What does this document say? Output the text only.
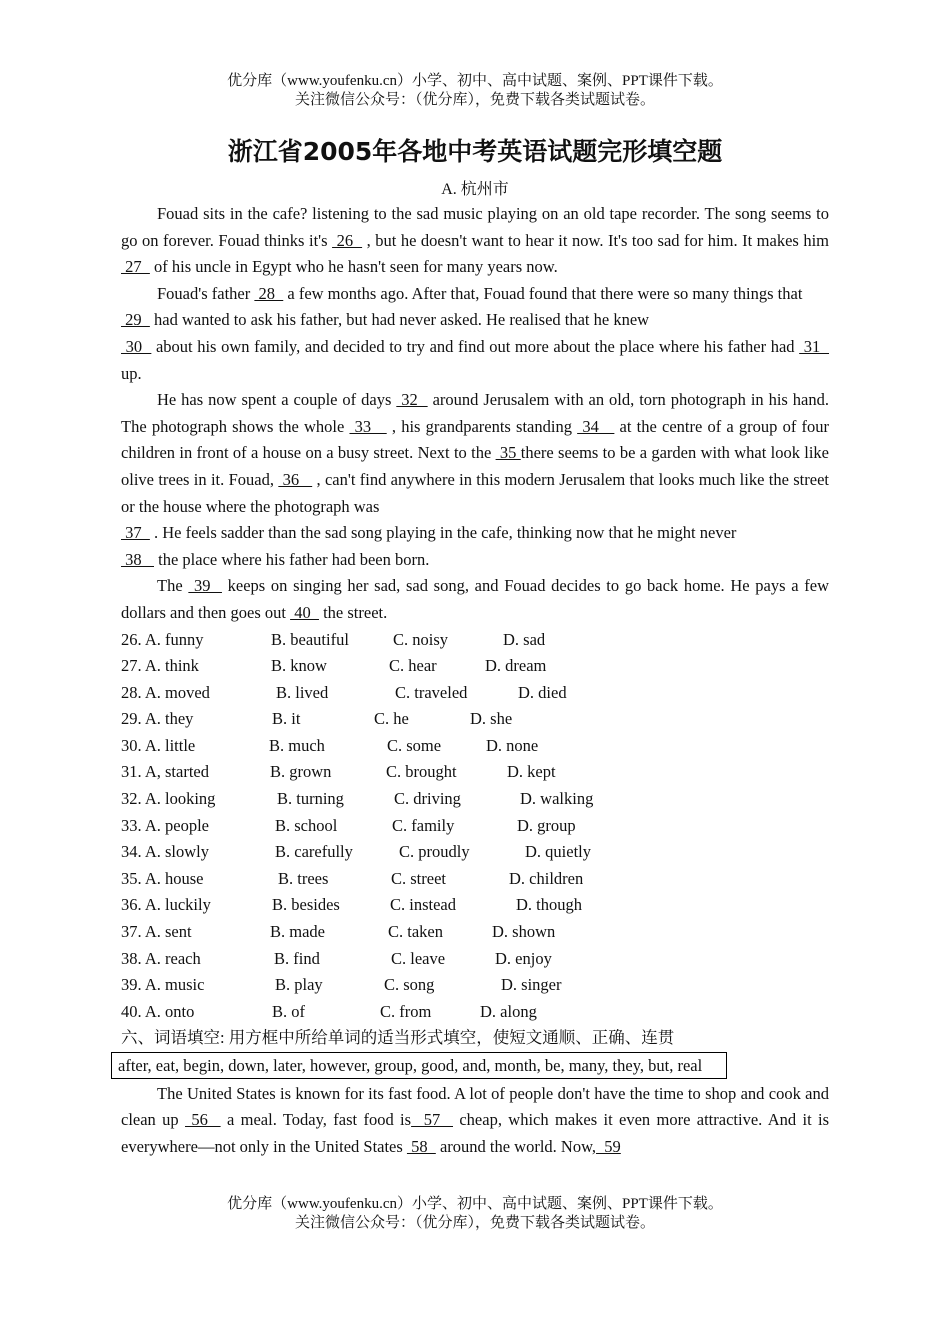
优分库（www.youfenku.cn）小学、初中、高中试题、案例、PPT课件下载。
关注微信公众号：（优分库），免费下载各类试题试卷。
浙江省2005年各地中考英语试题完形填空题
A. 杭州市

Fouad sits in the cafe? listening to the sad music playing on an old tape recorder. The song seems to go on forever. Fouad thinks it's  26   , but he doesn't want to hear it now. It's too sad for him. It makes him  27   of his uncle in Egypt who he hasn't seen for many years now.

Fouad's father  28   a few months ago. After that, Fouad found that there were so many things that  29   had wanted to ask his father, but had never asked. He realised that he knew

30   about his own family, and decided to try and find out more about the place where his father had  31   up.

He has now spent a couple of days  32   around Jerusalem with an old, torn photograph in his hand. The photograph shows the whole  33    , his grandparents standing  34    at the centre of a group of four children in front of a house on a busy street. Next to the  35 there seems to be a garden with what look like olive trees in it. Fouad,  36    , can't find anywhere in this modern Jerusalem that looks much like the street or the house where the photograph was

37   . He feels sadder than the sad song playing in the cafe, thinking now that he might never

38    the place where his father had been born.

The  39   keeps on singing her sad, sad song, and Fouad decides to go back home. He pays a few dollars and then goes out  40   the street.

26. A. funny	B. beautiful	C. noisy	D. sad
27. A. think	B. know	C. hear	D. dream
28. A. moved	B. lived	C. traveled	D. died
29. A. they	B. it	C. he	D. she
30. A. little	B. much	C. some	D. none
31. A, started	B. grown	C. brought	D. kept
32. A. looking	B. turning	C. driving	D. walking
33. A. people	B. school	C. family	D. group
34. A. slowly	B. carefully	C. proudly	D. quietly
35. A. house	B. trees	C. street	D. children
36. A. luckily	B. besides	C. instead	D. though
37. A. sent	B. made	C. taken	D. shown
38. A. reach	B. find	C. leave	D. enjoy
39. A. music	B. play	C. song	D. singer
40. A. onto	B. of	C. from	D. along

六、词语填空: 用方框中所给单词的适当形式填空，使短文通顺、正确、连贯

after, eat, begin, down, later, however, group, good, and, month, be, many, they, but, real

The United States is known for its fast food. A lot of people don't have the time to shop and cook and clean up  56   a meal. Today, fast food is  57   cheap, which makes it even more attractive. And it is everywhere—not only in the United States  58   around the world. Now,  59

优分库（www.youfenku.cn）小学、初中、高中试题、案例、PPT课件下载。
关注微信公众号：（优分库），免费下载各类试题试卷。
